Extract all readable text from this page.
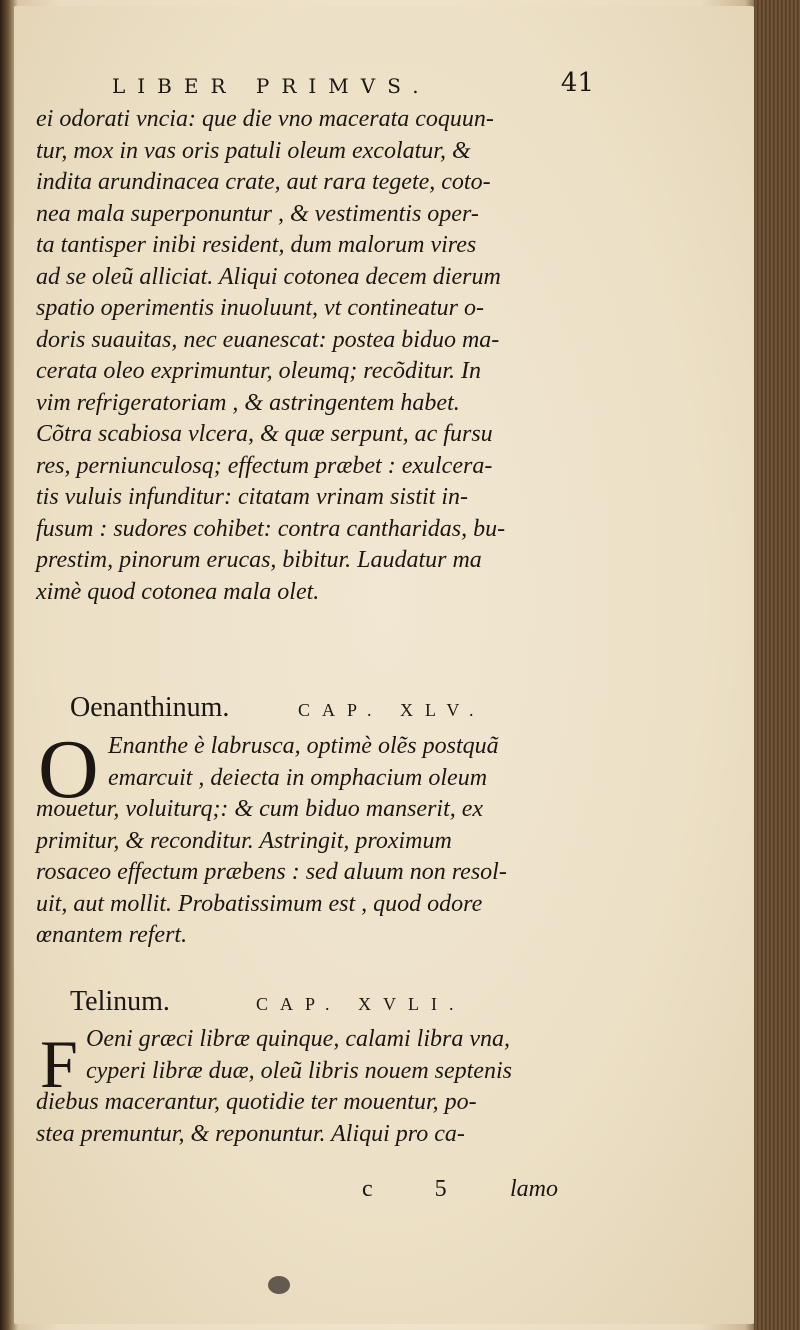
LIBER PRIMVS.	41
ei odorati vncia: que die vno macerata coquun-
tur, mox in vas oris patuli oleum excolatur, &
indita arundinacea crate, aut rara tegete, coto-
nea mala superponuntur , & vestimentis oper-
ta tantisper inibi resident, dum malorum vires
ad se oleũ alliciat. Aliqui cotonea decem dierum
spatio operimentis inuoluunt, vt contineatur o-
doris suauitas, nec euanescat: postea biduo ma-
cerata oleo exprimuntur, oleumq; recõditur. In
vim refrigeratoriam , & astringentem habet.
Cõtra scabiosa vlcera, & quæ serpunt, ac fursu
res, perniunculosq; effectum præbet : exulcera-
tis vuluis infunditur: citatam vrinam sistit in-
fusum : sudores cohibet: contra cantharidas, bu-
prestim, pinorum erucas, bibitur. Laudatur ma
ximè quod cotonea mala olet.
Oenanthinum.	CAP. XLV.
O Enanthe è labrusca, optimè olẽs postquã
emarcuit , deiecta in omphacium oleum
mouetur, voluiturq;: & cum biduo manserit, ex
primitur, & reconditur. Astringit, proximum
rosaceo effectum præbens : sed aluum non resol-
uit, aut mollit. Probatissimum est , quod odore
œnantem refert.
Telinum.	CAP. XVLI.
F Oeni græci libræ quinque, calami libra vna,
cyperi libræ duæ, oleũ libris nouem septenis
diebus macerantur, quotidie ter mouentur, po-
stea premuntur, & reponuntur. Aliqui pro ca-
c 5 lamo
